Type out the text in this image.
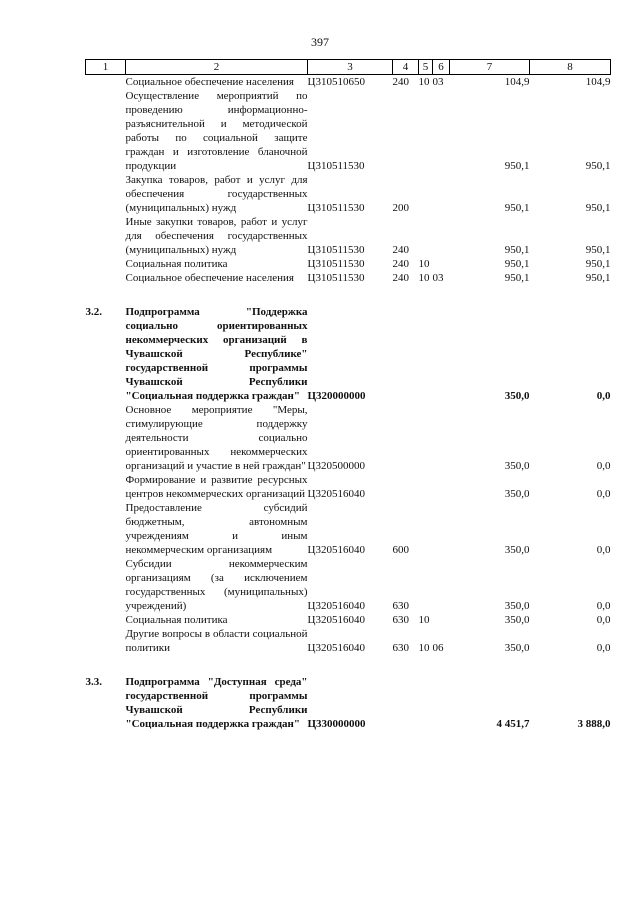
397
1	2	3	4	5	6	7	8
	Социальное обеспечение населения	Ц310510650	240	10	03	104,9	104,9
	Осуществление мероприятий по проведению информационно-разъяснительной и методической работы по социальной защите граждан и изготовление бланочной продукции	Ц310511530				950,1	950,1
	Закупка товаров, работ и услуг для обеспечения государственных (муниципальных) нужд	Ц310511530	200			950,1	950,1
	Иные закупки товаров, работ и услуг для обеспечения государственных (муниципальных) нужд	Ц310511530	240			950,1	950,1
	Социальная политика	Ц310511530	240	10		950,1	950,1
	Социальное обеспечение населения	Ц310511530	240	10	03	950,1	950,1

3.2.	Подпрограмма "Поддержка социально ориентированных некоммерческих организаций в Чувашской Республике" государственной программы Чувашской Республики "Социальная поддержка граждан"	Ц320000000				350,0	0,0
	Основное мероприятие "Меры, стимулирующие поддержку деятельности социально ориентированных некоммерческих организаций и участие в ней граждан"	Ц320500000				350,0	0,0
	Формирование и развитие ресурсных центров некоммерческих организаций	Ц320516040				350,0	0,0
	Предоставление субсидий бюджетным, автономным учреждениям и иным некоммерческим организациям	Ц320516040	600			350,0	0,0
	Субсидии некоммерческим организациям (за исключением государственных (муниципальных) учреждений)	Ц320516040	630			350,0	0,0
	Социальная политика	Ц320516040	630	10		350,0	0,0
	Другие вопросы в области социальной политики	Ц320516040	630	10	06	350,0	0,0

3.3.	Подпрограмма "Доступная среда" государственной программы Чувашской Республики "Социальная поддержка граждан"	Ц330000000				4 451,7	3 888,0
